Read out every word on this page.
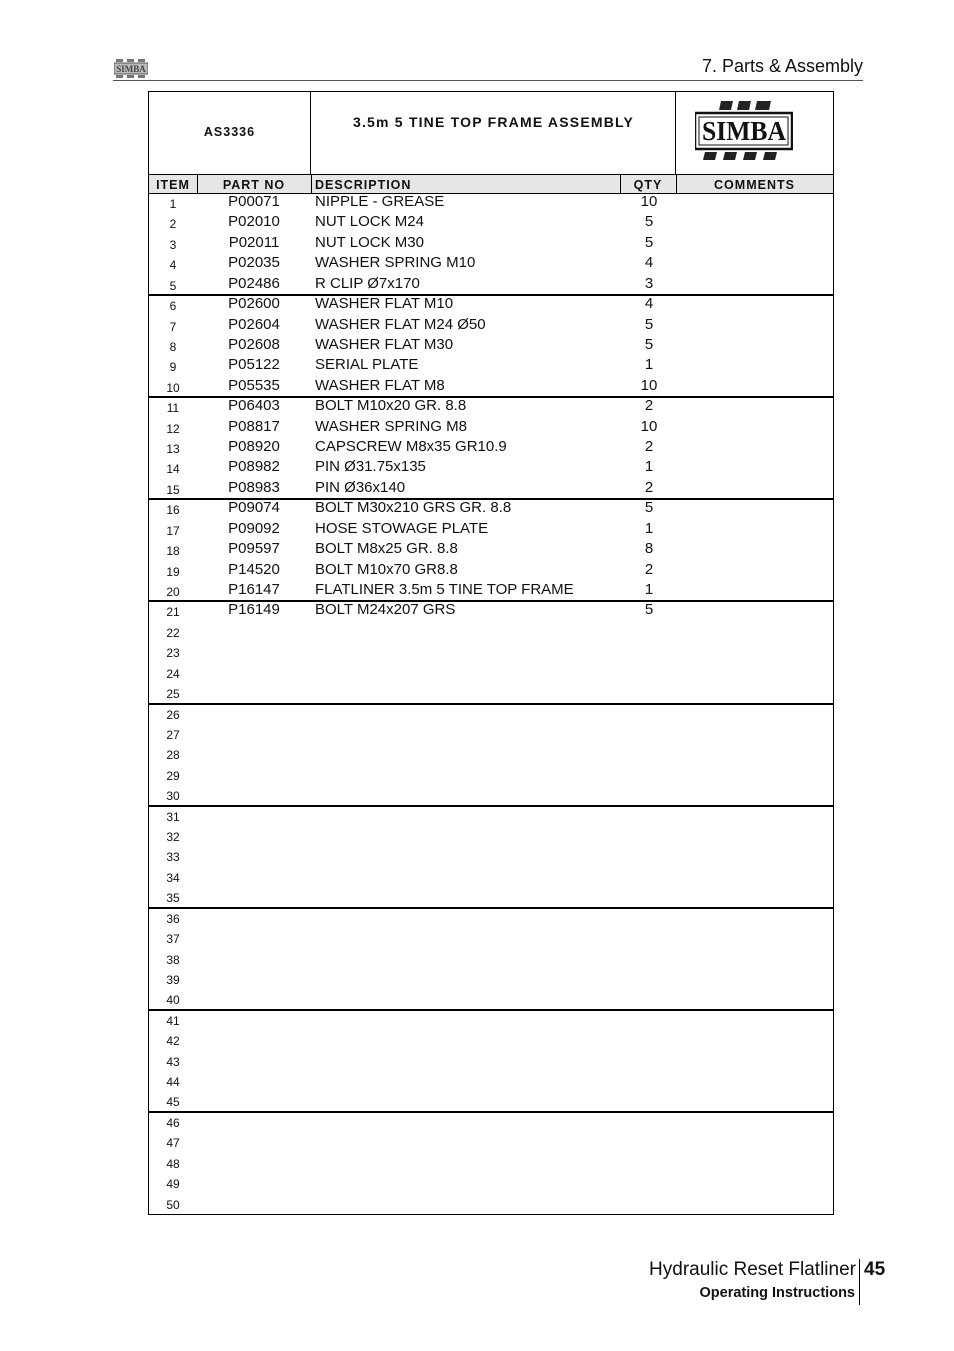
SIMBA	7. Parts & Assembly
AS3336
3.5m 5 TINE TOP FRAME ASSEMBLY	SIMBA
ITEM	PART NO	DESCRIPTION	QTY	COMMENTS
1	P00071	NIPPLE - GREASE	10
2	P02010	NUT LOCK M24	5
3	P02011	NUT LOCK M30	5
4	P02035	WASHER SPRING M10	4
5	P02486	R CLIP Ø7x170	3
6	P02600	WASHER FLAT M10	4
7	P02604	WASHER FLAT M24 Ø50	5
8	P02608	WASHER FLAT M30	5
9	P05122	SERIAL PLATE	1
10	P05535	WASHER FLAT M8	10
11	P06403	BOLT M10x20 GR. 8.8	2
12	P08817	WASHER SPRING M8	10
13	P08920	CAPSCREW M8x35 GR10.9	2
14	P08982	PIN Ø31.75x135	1
15	P08983	PIN Ø36x140	2
16	P09074	BOLT M30x210 GRS GR. 8.8	5
17	P09092	HOSE STOWAGE PLATE	1
18	P09597	BOLT M8x25 GR. 8.8	8
19	P14520	BOLT M10x70 GR8.8	2
20	P16147	FLATLINER 3.5m 5 TINE TOP FRAME	1
21	P16149	BOLT M24x207 GRS	5
22
23
24
25
26
27
28
29
30
31
32
33
34
35
36
37
38
39
40
41
42
43
44
45
46
47
48
49
50
Hydraulic Reset Flatliner 45
Operating Instructions
